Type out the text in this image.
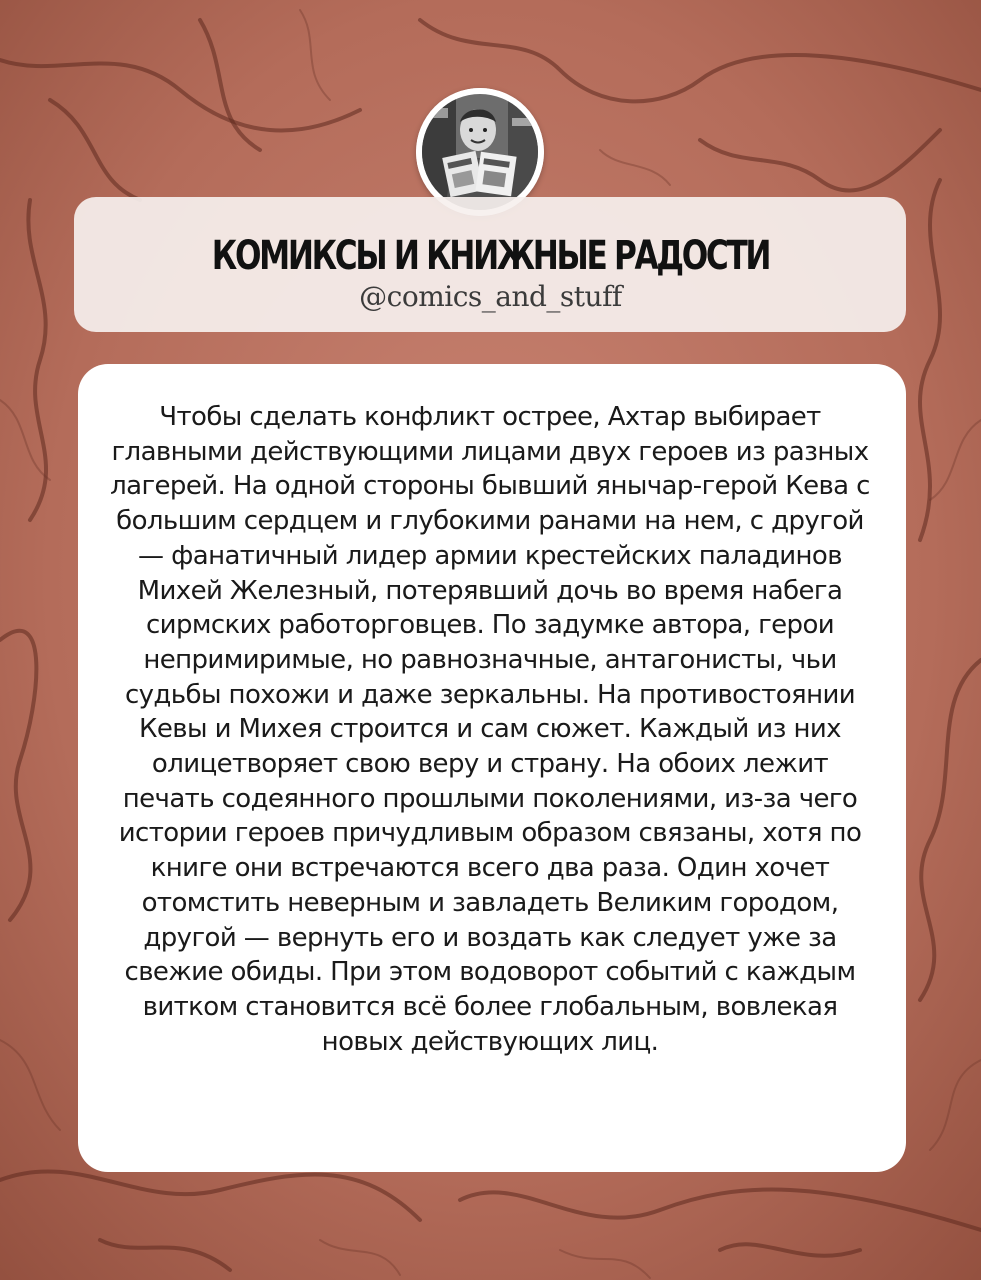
КОМИКСЫ И КНИЖНЫЕ РАДОСТИ
@comics_and_stuff

Чтобы сделать конфликт острее, Ахтар выбирает главными действующими лицами двух героев из разных лагерей. На одной стороны бывший янычар-герой Кева с большим сердцем и глубокими ранами на нем, с другой — фанатичный лидер армии крестейских паладинов Михей Железный, потерявший дочь во время набега сирмских работорговцев. По задумке автора, герои непримиримые, но равнозначные, антагонисты, чьи судьбы похожи и даже зеркальны. На противостоянии Кевы и Михея строится и сам сюжет. Каждый из них олицетворяет свою веру и страну. На обоих лежит печать содеянного прошлыми поколениями, из-за чего истории героев причудливым образом связаны, хотя по книге они встречаются всего два раза. Один хочет отомстить неверным и завладеть Великим городом, другой — вернуть его и воздать как следует уже за свежие обиды. При этом водоворот событий с каждым витком становится всё более глобальным, вовлекая новых действующих лиц.
